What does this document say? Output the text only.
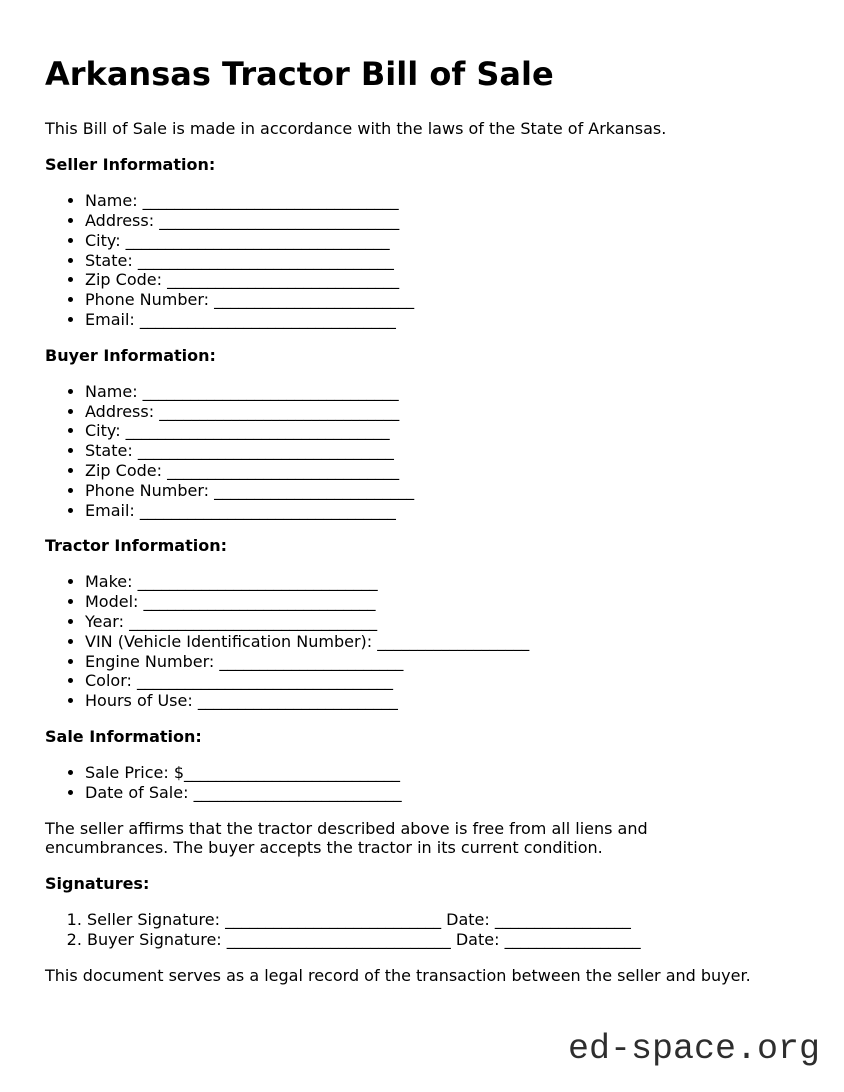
Arkansas Tractor Bill of Sale

This Bill of Sale is made in accordance with the laws of the State of Arkansas.

Seller Information:

• Name: ________________________________
• Address: ______________________________
• City: _________________________________
• State: ________________________________
• Zip Code: _____________________________
• Phone Number: _________________________
• Email: ________________________________

Buyer Information:

• Name: ________________________________
• Address: ______________________________
• City: _________________________________
• State: ________________________________
• Zip Code: _____________________________
• Phone Number: _________________________
• Email: ________________________________

Tractor Information:

• Make: ______________________________
• Model: _____________________________
• Year: _______________________________
• VIN (Vehicle Identification Number): ___________________
• Engine Number: _______________________
• Color: ________________________________
• Hours of Use: _________________________

Sale Information:

• Sale Price: $___________________________
• Date of Sale: __________________________

The seller affirms that the tractor described above is free from all liens and
encumbrances. The buyer accepts the tractor in its current condition.

Signatures:

1. Seller Signature: ___________________________ Date: _________________
2. Buyer Signature: ____________________________ Date: _________________

This document serves as a legal record of the transaction between the seller and buyer.

ed-space.org
